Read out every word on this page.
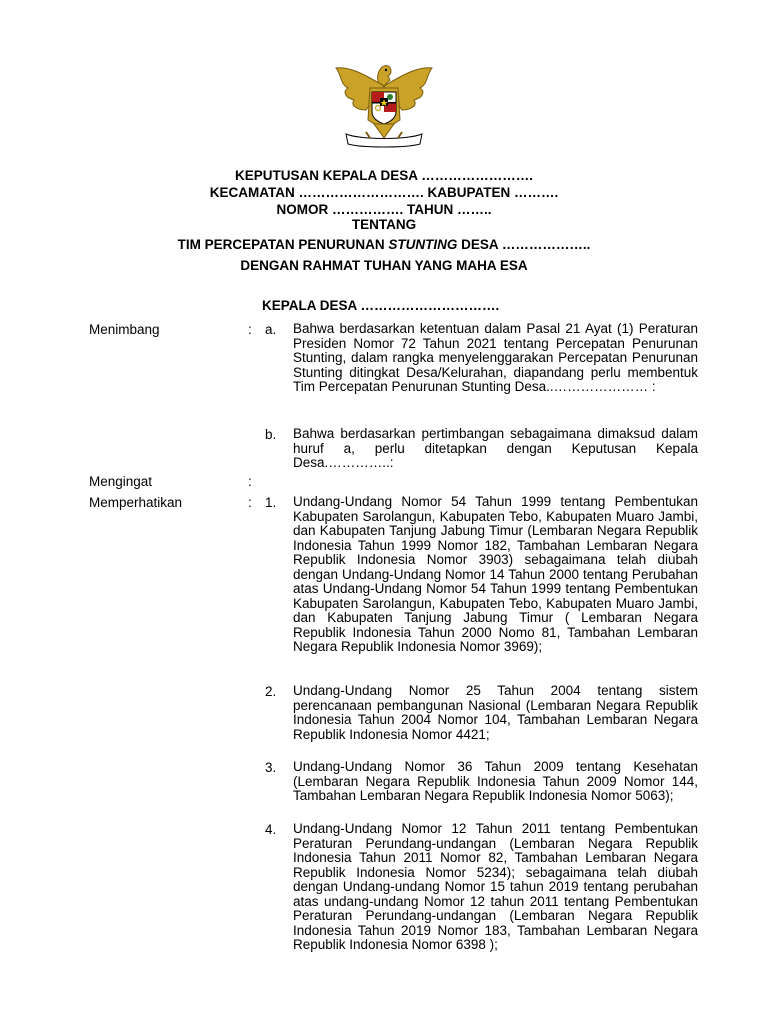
KEPUTUSAN KEPALA DESA …………………….
KECAMATAN ………………………. KABUPATEN ……….
NOMOR ……………. TAHUN ……..
TENTANG
TIM PERCEPATAN PENURUNAN STUNTING DESA ………………..
DENGAN RAHMAT TUHAN YANG MAHA ESA
KEPALA DESA ………………………….
Menimbang	: a. Bahwa berdasarkan ketentuan dalam Pasal 21 Ayat (1) Peraturan Presiden Nomor 72 Tahun 2021 tentang Percepatan Penurunan Stunting, dalam rangka menyelenggarakan Percepatan Penurunan Stunting ditingkat Desa/Kelurahan, diapandang perlu membentuk Tim Percepatan Penurunan Stunting Desa..………………… :
b. Bahwa berdasarkan pertimbangan sebagaimana dimaksud dalam huruf a, perlu ditetapkan dengan Keputusan Kepala Desa.…………..:
Mengingat	:
Memperhatikan	: 1. Undang-Undang Nomor 54 Tahun 1999 tentang Pembentukan Kabupaten Sarolangun, Kabupaten Tebo, Kabupaten Muaro Jambi, dan Kabupaten Tanjung Jabung Timur (Lembaran Negara Republik Indonesia Tahun 1999 Nomor 182, Tambahan Lembaran Negara Republik Indonesia Nomor 3903) sebagaimana telah diubah dengan Undang-Undang Nomor 14 Tahun 2000 tentang Perubahan atas Undang-Undang Nomor 54 Tahun 1999 tentang Pembentukan Kabupaten Sarolangun, Kabupaten Tebo, Kabupaten Muaro Jambi, dan Kabupaten Tanjung Jabung Timur ( Lembaran Negara Republik Indonesia Tahun 2000 Nomo 81, Tambahan Lembaran Negara Republik Indonesia Nomor 3969);
2. Undang-Undang Nomor 25 Tahun 2004 tentang sistem perencanaan pembangunan Nasional (Lembaran Negara Republik Indonesia Tahun 2004 Nomor 104, Tambahan Lembaran Negara Republik Indonesia Nomor 4421;
3. Undang-Undang Nomor 36 Tahun 2009 tentang Kesehatan (Lembaran Negara Republik Indonesia Tahun 2009 Nomor 144, Tambahan Lembaran Negara Republik Indonesia Nomor 5063);
4. Undang-Undang Nomor 12 Tahun 2011 tentang Pembentukan Peraturan Perundang-undangan (Lembaran Negara Republik Indonesia Tahun 2011 Nomor 82, Tambahan Lembaran Negara Republik Indonesia Nomor 5234); sebagaimana telah diubah dengan Undang-undang Nomor 15 tahun 2019 tentang perubahan atas undang-undang Nomor 12 tahun 2011 tentang Pembentukan Peraturan Perundang-undangan (Lembaran Negara Republik Indonesia Tahun 2019 Nomor 183, Tambahan Lembaran Negara Republik Indonesia Nomor 6398 );
